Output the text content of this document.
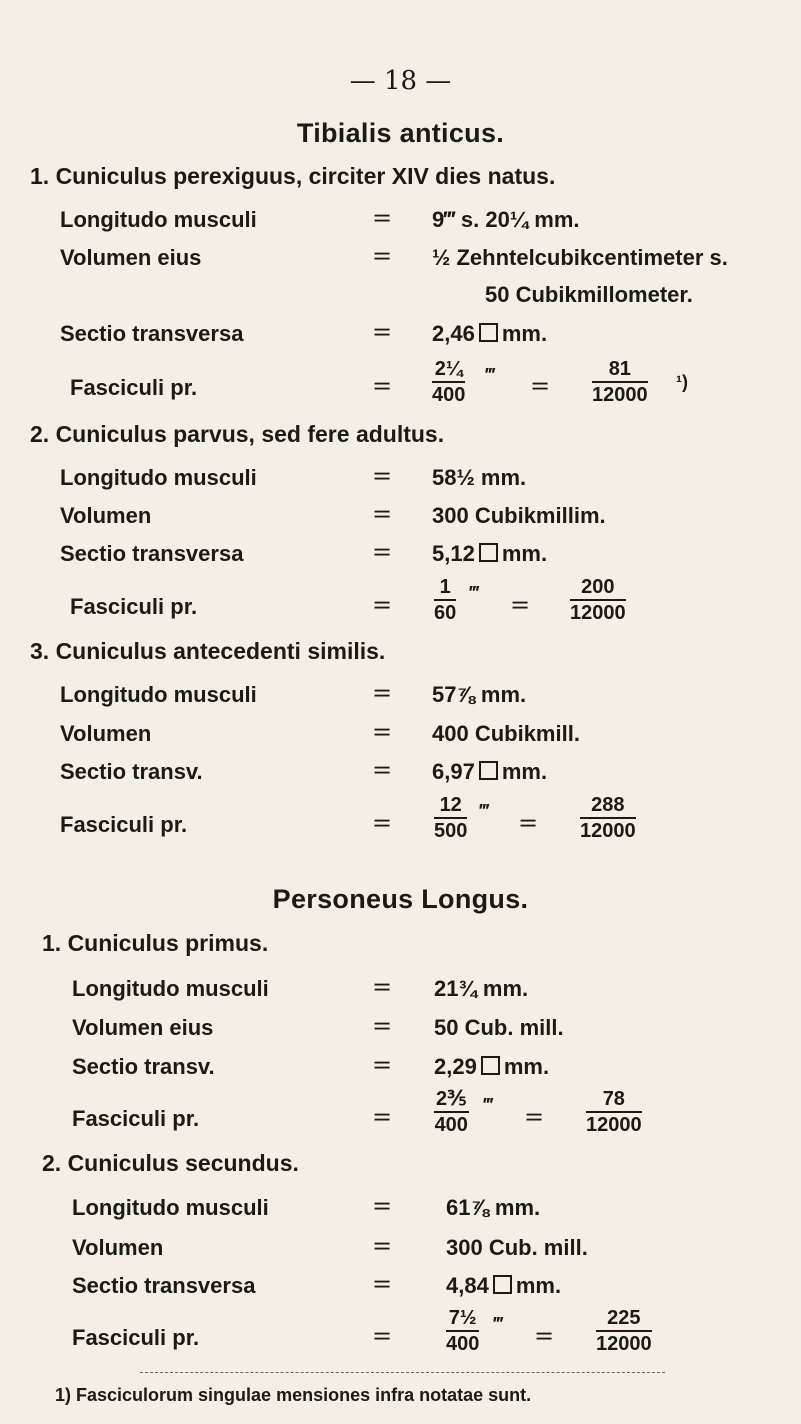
— 18 —
Tibialis anticus.
1. Cuniculus perexiguus, circiter XIV dies natus.
Longitudo musculi	= 9‴ s. 20¼ mm.
Volumen eius	= ½ Zehntelcubikcentimeter s.
50 Cubikmillometer.
Sectio transversa	= 2,46 mm.
Fasciculi pr.	= $\frac{\text{2¼}}{400}$ ‴ = $\frac{81}{12000} ^1$)
2. Cuniculus parvus, sed fere adultus.
Longitudo musculi	= 58½ mm.
Volumen	= 300 Cubikmillim.
Sectio transversa	= 5,12 mm.
Fasciculi pr.	= $\frac{1}{60}$ ‴ = $\frac{200}{12000}$
3. Cuniculus antecedenti similis.
Longitudo musculi	= 57⅞ mm.
Volumen	= 400 Cubikmill.
Sectio transv.	= 6,97 mm.
Fasciculi pr.	= $\frac{12}{500}$ ‴ = $\frac{288}{12000}$
Personeus Longus.
1. Cuniculus primus.
Longitudo musculi	= 21¾ mm.
Volumen eius	= 50 Cub. mill.
Sectio transv.	= 2,29 mm.
Fasciculi pr.	= $\frac{\text{2⅗}}{400}$ ‴ = $\frac{78}{12000}$
2. Cuniculus secundus.
Longitudo musculi	= 61⅞ mm.
Volumen	= 300 Cub. mill.
Sectio transversa	= 4,84 mm.
Fasciculi pr.	=	$\frac{\text{7½}}{400}$ ‴ = $\frac{225}{12000}$
1) Fasciculorum singulae mensiones infra notatae sunt.
